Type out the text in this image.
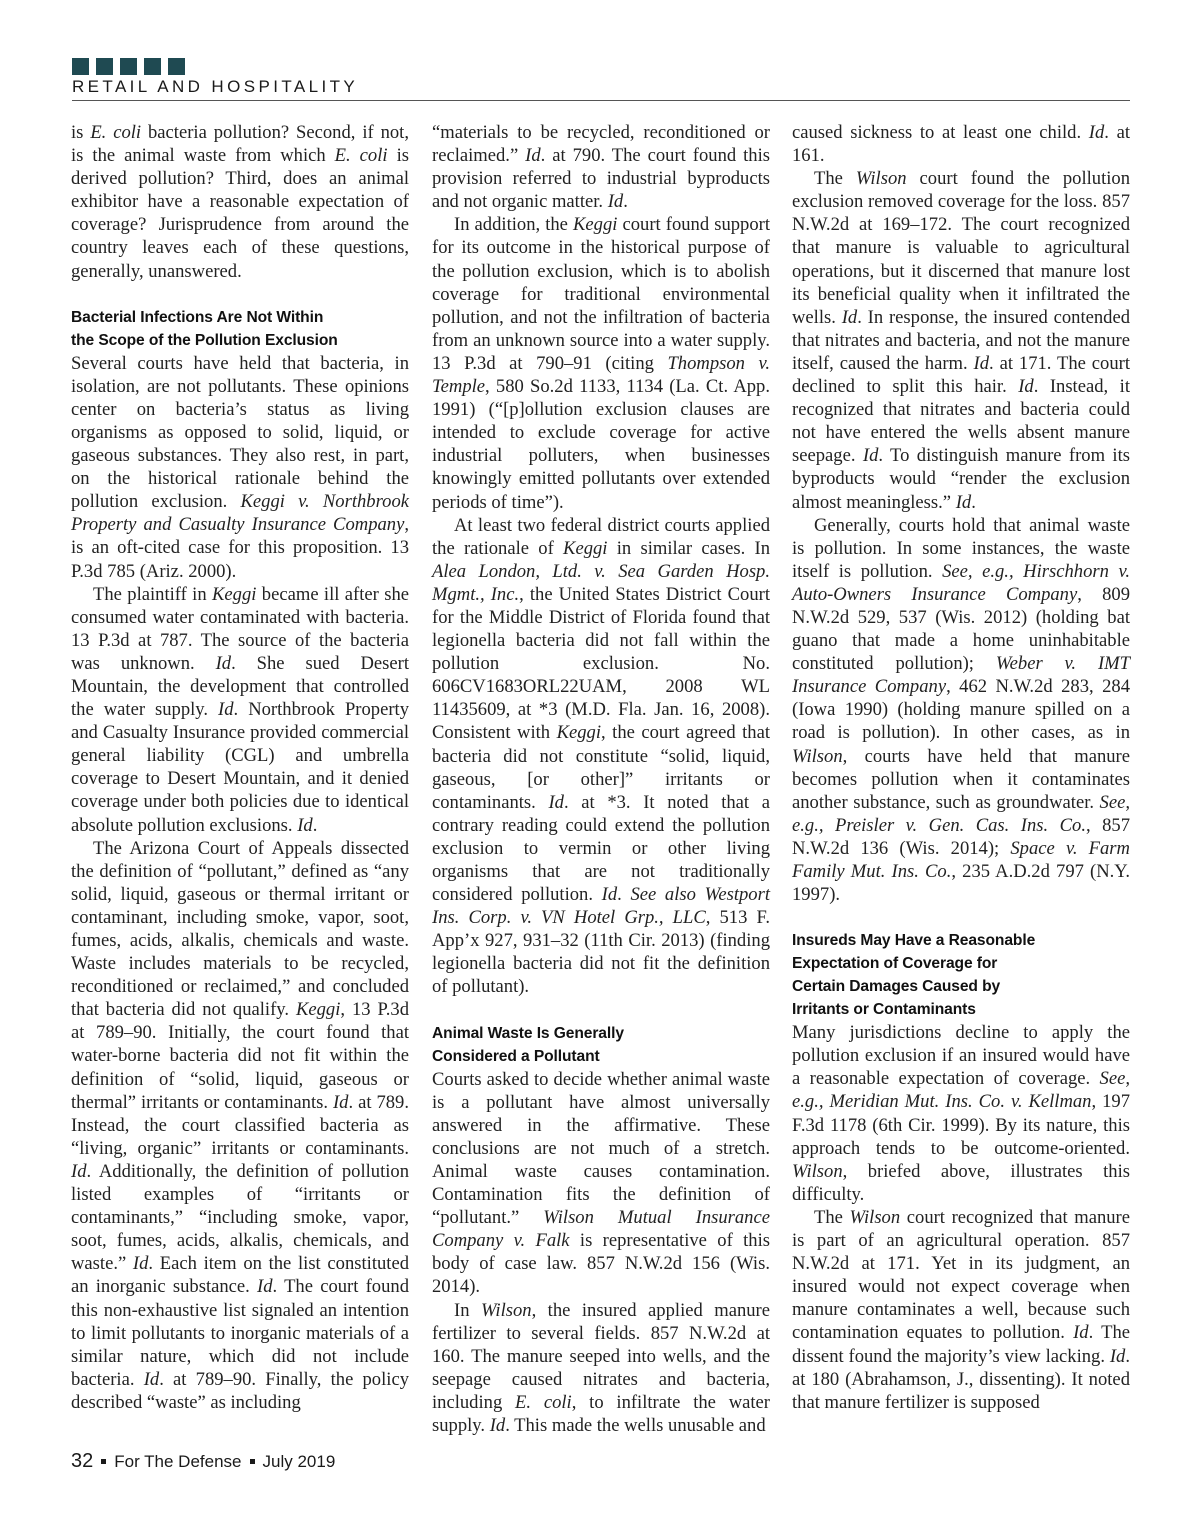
RETAIL AND HOSPITALITY

is E. coli bacteria pollution? Second, if not, is the animal waste from which E. coli is derived pollution? Third, does an animal exhibitor have a reasonable expectation of coverage? Jurisprudence from around the country leaves each of these questions, generally, unanswered.

Bacterial Infections Are Not Within
the Scope of the Pollution Exclusion

Several courts have held that bacteria, in isolation, are not pollutants. These opinions center on bacteria’s status as living organisms as opposed to solid, liquid, or gaseous substances. They also rest, in part, on the historical rationale behind the pollution exclusion. Keggi v. Northbrook Property and Casualty Insurance Company, is an oft-cited case for this proposition. 13 P.3d 785 (Ariz. 2000).

The plaintiff in Keggi became ill after she consumed water contaminated with bacteria. 13 P.3d at 787. The source of the bacteria was unknown. Id. She sued Desert Mountain, the development that controlled the water supply. Id. Northbrook Property and Casualty Insurance provided commercial general liability (CGL) and umbrella coverage to Desert Mountain, and it denied coverage under both policies due to identical absolute pollution exclusions. Id.

The Arizona Court of Appeals dissected the definition of “pollutant,” defined as “any solid, liquid, gaseous or thermal irritant or contaminant, including smoke, vapor, soot, fumes, acids, alkalis, chemicals and waste. Waste includes materials to be recycled, reconditioned or reclaimed,” and concluded that bacteria did not qualify. Keggi, 13 P.3d at 789–90. Initially, the court found that water-borne bacteria did not fit within the definition of “solid, liquid, gaseous or thermal” irritants or contaminants. Id. at 789. Instead, the court classified bacteria as “living, organic” irritants or contaminants. Id. Additionally, the definition of pollution listed examples of “irritants or contaminants,” “including smoke, vapor, soot, fumes, acids, alkalis, chemicals, and waste.” Id. Each item on the list constituted an inorganic substance. Id. The court found this non-exhaustive list signaled an intention to limit pollutants to inorganic materials of a similar nature, which did not include bacteria. Id. at 789–90. Finally, the policy described “waste” as including

“materials to be recycled, reconditioned or reclaimed.” Id. at 790. The court found this provision referred to industrial byproducts and not organic matter. Id.

In addition, the Keggi court found support for its outcome in the historical purpose of the pollution exclusion, which is to abolish coverage for traditional environmental pollution, and not the infiltration of bacteria from an unknown source into a water supply. 13 P.3d at 790–91 (citing Thompson v. Temple, 580 So.2d 1133, 1134 (La. Ct. App. 1991) (“[p]ollution exclusion clauses are intended to exclude coverage for active industrial polluters, when businesses knowingly emitted pollutants over extended periods of time”).

At least two federal district courts applied the rationale of Keggi in similar cases. In Alea London, Ltd. v. Sea Garden Hosp. Mgmt., Inc., the United States District Court for the Middle District of Florida found that legionella bacteria did not fall within the pollution exclusion. No. 606CV1683ORL22UAM, 2008 WL 11435609, at *3 (M.D. Fla. Jan. 16, 2008). Consistent with Keggi, the court agreed that bacteria did not constitute “solid, liquid, gaseous, [or other]” irritants or contaminants. Id. at *3. It noted that a contrary reading could extend the pollution exclusion to vermin or other living organisms that are not traditionally considered pollution. Id. See also Westport Ins. Corp. v. VN Hotel Grp., LLC, 513 F. App’x 927, 931–32 (11th Cir. 2013) (finding legionella bacteria did not fit the definition of pollutant).

Animal Waste Is Generally
Considered a Pollutant

Courts asked to decide whether animal waste is a pollutant have almost universally answered in the affirmative. These conclusions are not much of a stretch. Animal waste causes contamination. Contamination fits the definition of “pollutant.” Wilson Mutual Insurance Company v. Falk is representative of this body of case law. 857 N.W.2d 156 (Wis. 2014).

In Wilson, the insured applied manure fertilizer to several fields. 857 N.W.2d at 160. The manure seeped into wells, and the seepage caused nitrates and bacteria, including E. coli, to infiltrate the water supply. Id. This made the wells unusable and

caused sickness to at least one child. Id. at 161.

The Wilson court found the pollution exclusion removed coverage for the loss. 857 N.W.2d at 169–172. The court recognized that manure is valuable to agricultural operations, but it discerned that manure lost its beneficial quality when it infiltrated the wells. Id. In response, the insured contended that nitrates and bacteria, and not the manure itself, caused the harm. Id. at 171. The court declined to split this hair. Id. Instead, it recognized that nitrates and bacteria could not have entered the wells absent manure seepage. Id. To distinguish manure from its byproducts would “render the exclusion almost meaningless.” Id.

Generally, courts hold that animal waste is pollution. In some instances, the waste itself is pollution. See, e.g., Hirschhorn v. Auto-Owners Insurance Company, 809 N.W.2d 529, 537 (Wis. 2012) (holding bat guano that made a home uninhabitable constituted pollution); Weber v. IMT Insurance Company, 462 N.W.2d 283, 284 (Iowa 1990) (holding manure spilled on a road is pollution). In other cases, as in Wilson, courts have held that manure becomes pollution when it contaminates another substance, such as groundwater. See, e.g., Preisler v. Gen. Cas. Ins. Co., 857 N.W.2d 136 (Wis. 2014); Space v. Farm Family Mut. Ins. Co., 235 A.D.2d 797 (N.Y. 1997).

Insureds May Have a Reasonable
Expectation of Coverage for
Certain Damages Caused by
Irritants or Contaminants

Many jurisdictions decline to apply the pollution exclusion if an insured would have a reasonable expectation of coverage. See, e.g., Meridian Mut. Ins. Co. v. Kellman, 197 F.3d 1178 (6th Cir. 1999). By its nature, this approach tends to be outcome-oriented. Wilson, briefed above, illustrates this difficulty.

The Wilson court recognized that manure is part of an agricultural operation. 857 N.W.2d at 171. Yet in its judgment, an insured would not expect coverage when manure contaminates a well, because such contamination equates to pollution. Id. The dissent found the majority’s view lacking. Id. at 180 (Abrahamson, J., dissenting). It noted that manure fertilizer is supposed

32 For The Defense July 2019
